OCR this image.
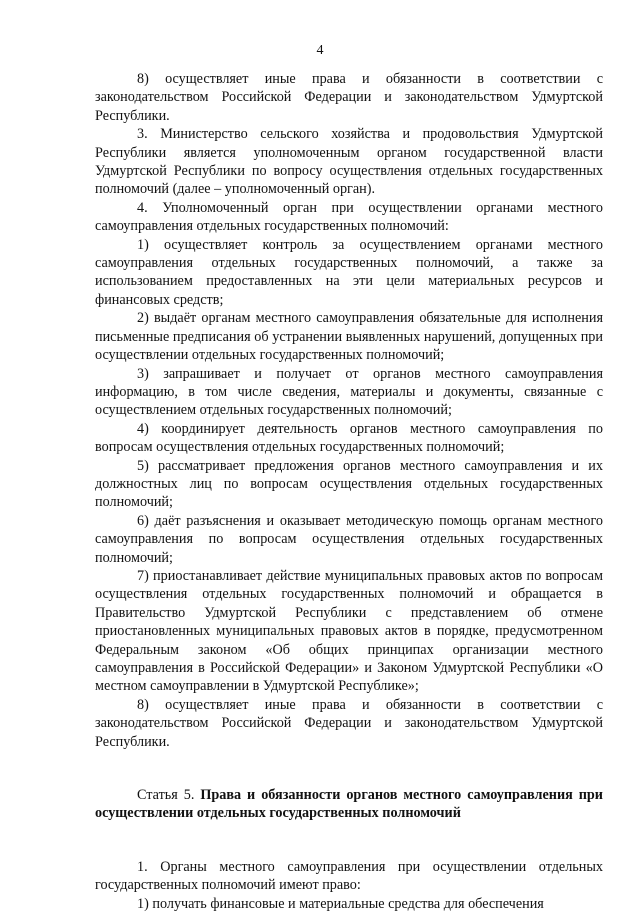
4

8) осуществляет иные права и обязанности в соответствии с законодательством Российской Федерации и законодательством Удмуртской Республики.

3. Министерство сельского хозяйства и продовольствия Удмуртской Республики является уполномоченным органом государственной власти Удмуртской Республики по вопросу осуществления отдельных государственных полномочий (далее – уполномоченный орган).

4. Уполномоченный орган при осуществлении органами местного самоуправления отдельных государственных полномочий:

1) осуществляет контроль за осуществлением органами местного самоуправления отдельных государственных полномочий, а также за использованием предоставленных на эти цели материальных ресурсов и финансовых средств;

2) выдаёт органам местного самоуправления обязательные для исполнения письменные предписания об устранении выявленных нарушений, допущенных при осуществлении отдельных государственных полномочий;

3) запрашивает и получает от органов местного самоуправления информацию, в том числе сведения, материалы и документы, связанные с осуществлением отдельных государственных полномочий;

4) координирует деятельность органов местного самоуправления по вопросам осуществления отдельных государственных полномочий;

5) рассматривает предложения органов местного самоуправления и их должностных лиц по вопросам осуществления отдельных государственных полномочий;

6) даёт разъяснения и оказывает методическую помощь органам местного самоуправления по вопросам осуществления отдельных государственных полномочий;

7) приостанавливает действие муниципальных правовых актов по вопросам осуществления отдельных государственных полномочий и обращается в Правительство Удмуртской Республики с представлением об отмене приостановленных муниципальных правовых актов в порядке, предусмотренном Федеральным законом «Об общих принципах организации местного самоуправления в Российской Федерации» и Законом Удмуртской Республики «О местном самоуправлении в Удмуртской Республике»;

8) осуществляет иные права и обязанности в соответствии с законодательством Российской Федерации и законодательством Удмуртской Республики.

Статья 5. Права и обязанности органов местного самоуправления при осуществлении отдельных государственных полномочий

1. Органы местного самоуправления при осуществлении отдельных государственных полномочий имеют право:

1) получать финансовые и материальные средства для обеспечения
